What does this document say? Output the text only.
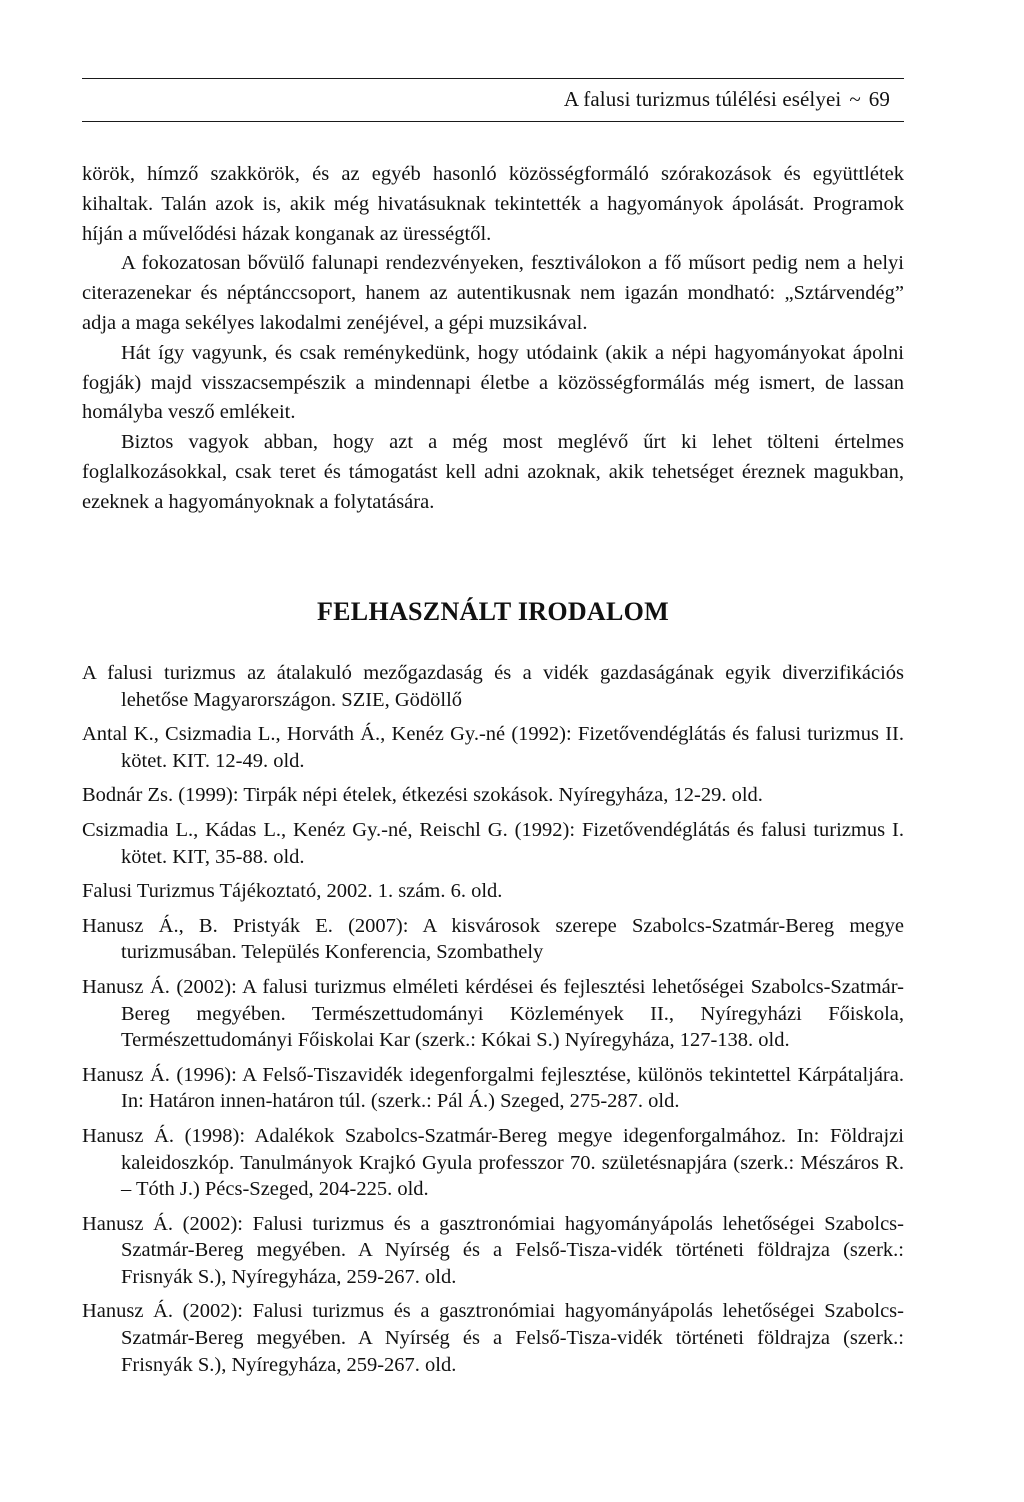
A falusi turizmus túlélési esélyei ~ 69

körök, hímző szakkörök, és az egyéb hasonló közösségformáló szórakozások és együttlétek kihaltak. Talán azok is, akik még hivatásuknak tekintették a hagyományok ápolását. Programok híján a művelődési házak konganak az ürességtől.

A fokozatosan bővülő falunapi rendezvényeken, fesztiválokon a fő műsort pedig nem a helyi citerazenekar és néptánccsoport, hanem az autentikusnak nem igazán mondható: „Sztárvendég” adja a maga sekélyes lakodalmi zenéjével, a gépi muzsikával.

Hát így vagyunk, és csak reménykedünk, hogy utódaink (akik a népi hagyományokat ápolni fogják) majd visszacsempészik a mindennapi életbe a közösségformálás még ismert, de lassan homályba vesző emlékeit.

Biztos vagyok abban, hogy azt a még most meglévő űrt ki lehet tölteni értelmes foglalkozásokkal, csak teret és támogatást kell adni azoknak, akik tehetséget éreznek magukban, ezeknek a hagyományoknak a folytatására.

FELHASZNÁLT IRODALOM
A falusi turizmus az átalakuló mezőgazdaság és a vidék gazdaságának egyik diverzifikációs lehetőse Magyarországon. SZIE, Gödöllő
Antal K., Csizmadia L., Horváth Á., Kenéz Gy.-né (1992): Fizetővendéglátás és falusi turizmus II. kötet. KIT. 12-49. old.
Bodnár Zs. (1999): Tirpák népi ételek, étkezési szokások. Nyíregyháza, 12-29. old.
Csizmadia L., Kádas L., Kenéz Gy.-né, Reischl G. (1992): Fizetővendéglátás és falusi turizmus I. kötet. KIT, 35-88. old.
Falusi Turizmus Tájékoztató, 2002. 1. szám. 6. old.
Hanusz Á., B. Pristyák E. (2007): A kisvárosok szerepe Szabolcs-Szatmár-Bereg megye turizmusában. Település Konferencia, Szombathely
Hanusz Á. (2002): A falusi turizmus elméleti kérdései és fejlesztési lehetőségei Szabolcs-Szatmár-Bereg megyében. Természettudományi Közlemények II., Nyíregyházi Főiskola, Természettudományi Főiskolai Kar (szerk.: Kókai S.) Nyíregyháza, 127-138. old.
Hanusz Á. (1996): A Felső-Tiszavidék idegenforgalmi fejlesztése, különös tekintettel Kárpátaljára. In: Határon innen-határon túl. (szerk.: Pál Á.) Szeged, 275-287. old.
Hanusz Á. (1998): Adalékok Szabolcs-Szatmár-Bereg megye idegenforgalmához. In: Földrajzi kaleidoszkóp. Tanulmányok Krajkó Gyula professzor 70. születésnapjára (szerk.: Mészáros R. – Tóth J.) Pécs-Szeged, 204-225. old.
Hanusz Á. (2002): Falusi turizmus és a gasztronómiai hagyományápolás lehetőségei Szabolcs-Szatmár-Bereg megyében. A Nyírség és a Felső-Tisza-vidék történeti földrajza (szerk.: Frisnyák S.), Nyíregyháza, 259-267. old.
Hanusz Á. (2002): Falusi turizmus és a gasztronómiai hagyományápolás lehetőségei Szabolcs-Szatmár-Bereg megyében. A Nyírség és a Felső-Tisza-vidék történeti földrajza (szerk.: Frisnyák S.), Nyíregyháza, 259-267. old.
